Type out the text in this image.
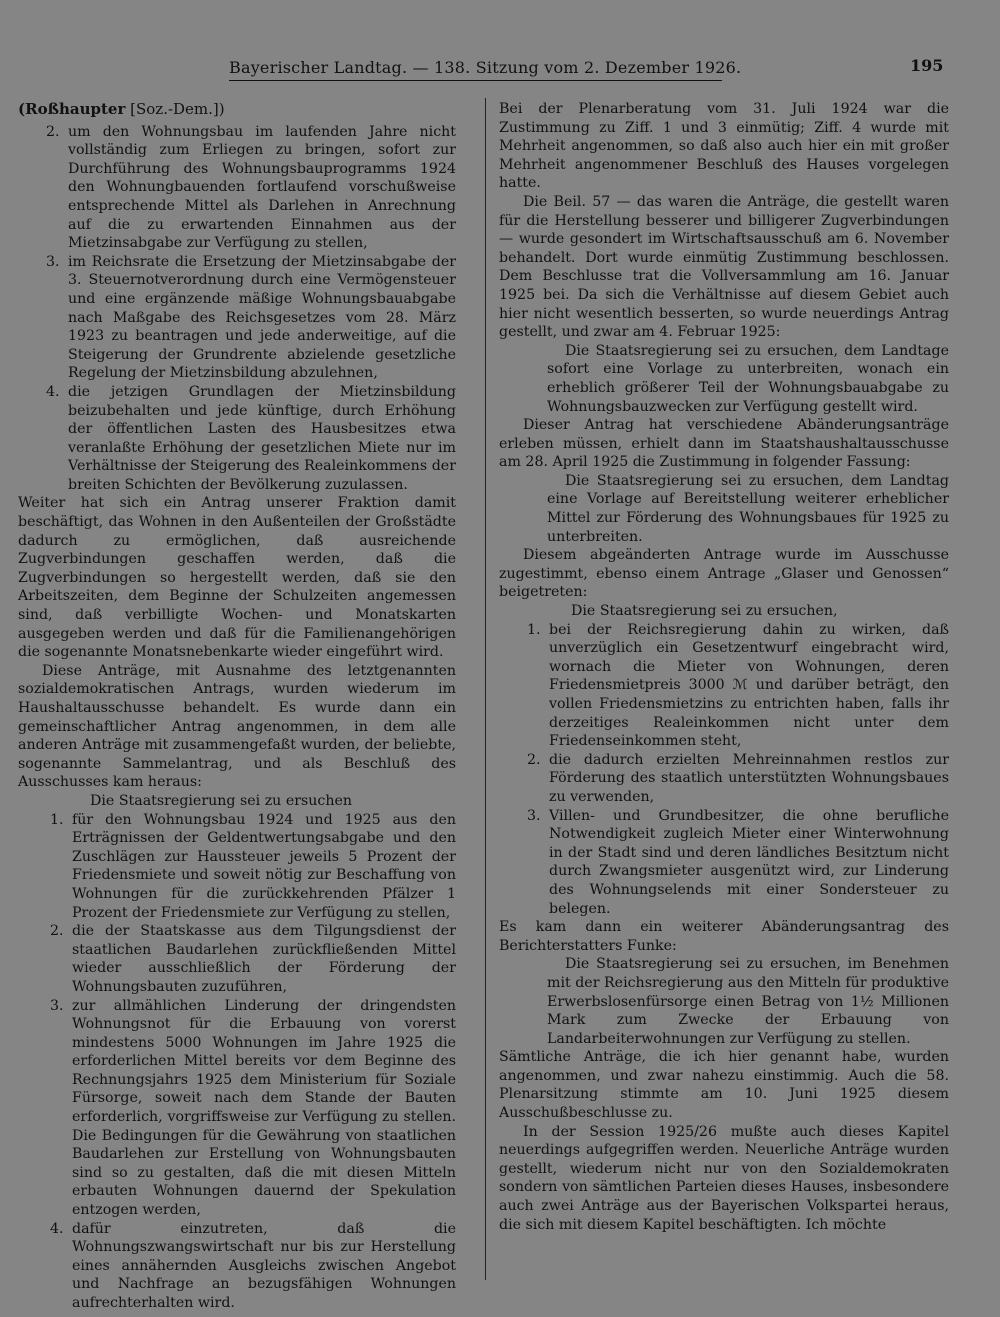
Bayerischer Landtag. — 138. Sitzung vom 2. Dezember 1926.	195

(Roßhaupter [Soz.-Dem.])

2. um den Wohnungsbau im laufenden Jahre nicht vollständig zum Erliegen zu bringen, sofort zur Durchführung des Wohnungsbauprogramms 1924 den Wohnungbauenden fortlaufend vorschußweise entsprechende Mittel als Darlehen in Anrechnung auf die zu erwartenden Einnahmen aus der Mietzinsabgabe zur Verfügung zu stellen,
3. im Reichsrate die Ersetzung der Mietzinsabgabe der 3. Steuernotverordnung durch eine Vermögensteuer und eine ergänzende mäßige Wohnungsbauabgabe nach Maßgabe des Reichsgesetzes vom 28. März 1923 zu beantragen und jede anderweitige, auf die Steigerung der Grundrente abzielende gesetzliche Regelung der Mietzinsbildung abzulehnen,
4. die jetzigen Grundlagen der Mietzinsbildung beizubehalten und jede künftige, durch Erhöhung der öffentlichen Lasten des Hausbesitzes etwa veranlaßte Erhöhung der gesetzlichen Miete nur im Verhältnisse der Steigerung des Realeinkommens der breiten Schichten der Bevölkerung zuzulassen.

Weiter hat sich ein Antrag unserer Fraktion damit beschäftigt, das Wohnen in den Außenteilen der Großstädte dadurch zu ermöglichen, daß ausreichende Zugverbindungen geschaffen werden, daß die Zugverbindungen so hergestellt werden, daß sie den Arbeitszeiten, dem Beginne der Schulzeiten angemessen sind, daß verbilligte Wochen- und Monatskarten ausgegeben werden und daß für die Familienangehörigen die sogenannte Monatsnebenkarte wieder eingeführt wird.

Diese Anträge, mit Ausnahme des letztgenannten sozialdemokratischen Antrags, wurden wiederum im Haushaltausschusse behandelt. Es wurde dann ein gemeinschaftlicher Antrag angenommen, in dem alle anderen Anträge mit zusammengefaßt wurden, der beliebte, sogenannte Sammelantrag, und als Beschluß des Ausschusses kam heraus:

Die Staatsregierung sei zu ersuchen

1. für den Wohnungsbau 1924 und 1925 aus den Erträgnissen der Geldentwertungsabgabe und den Zuschlägen zur Haussteuer jeweils 5 Prozent der Friedensmiete und soweit nötig zur Beschaffung von Wohnungen für die zurückkehrenden Pfälzer 1 Prozent der Friedensmiete zur Verfügung zu stellen,
2. die der Staatskasse aus dem Tilgungsdienst der staatlichen Baudarlehen zurückfließenden Mittel wieder ausschließlich der Förderung der Wohnungsbauten zuzuführen,
3. zur allmählichen Linderung der dringendsten Wohnungsnot für die Erbauung von vorerst mindestens 5000 Wohnungen im Jahre 1925 die erforderlichen Mittel bereits vor dem Beginne des Rechnungsjahrs 1925 dem Ministerium für Soziale Fürsorge, soweit nach dem Stande der Bauten erforderlich, vorgriffsweise zur Verfügung zu stellen. Die Bedingungen für die Gewährung von staatlichen Baudarlehen zur Erstellung von Wohnungsbauten sind so zu gestalten, daß die mit diesen Mitteln erbauten Wohnungen dauernd der Spekulation entzogen werden,
4. dafür einzutreten, daß die Wohnungszwangswirtschaft nur bis zur Herstellung eines annähernden Ausgleichs zwischen Angebot und Nachfrage an bezugsfähigen Wohnungen aufrechterhalten wird.

Bei der Plenarberatung vom 31. Juli 1924 war die Zustimmung zu Ziff. 1 und 3 einmütig; Ziff. 4 wurde mit Mehrheit angenommen, so daß also auch hier ein mit großer Mehrheit angenommener Beschluß des Hauses vorgelegen hatte.

Die Beil. 57 — das waren die Anträge, die gestellt waren für die Herstellung besserer und billigerer Zugverbindungen — wurde gesondert im Wirtschaftsausschuß am 6. November behandelt. Dort wurde einmütig Zustimmung beschlossen. Dem Beschlusse trat die Vollversammlung am 16. Januar 1925 bei. Da sich die Verhältnisse auf diesem Gebiet auch hier nicht wesentlich besserten, so wurde neuerdings Antrag gestellt, und zwar am 4. Februar 1925:

Die Staatsregierung sei zu ersuchen, dem Landtage sofort eine Vorlage zu unterbreiten, wonach ein erheblich größerer Teil der Wohnungsbauabgabe zu Wohnungsbauzwecken zur Verfügung gestellt wird.

Dieser Antrag hat verschiedene Abänderungsanträge erleben müssen, erhielt dann im Staatshaushaltausschusse am 28. April 1925 die Zustimmung in folgender Fassung:

Die Staatsregierung sei zu ersuchen, dem Landtag eine Vorlage auf Bereitstellung weiterer erheblicher Mittel zur Förderung des Wohnungsbaues für 1925 zu unterbreiten.

Diesem abgeänderten Antrage wurde im Ausschusse zugestimmt, ebenso einem Antrage „Glaser und Genossen“ beigetreten:

Die Staatsregierung sei zu ersuchen,

1. bei der Reichsregierung dahin zu wirken, daß unverzüglich ein Gesetzentwurf eingebracht wird, wornach die Mieter von Wohnungen, deren Friedensmietpreis 3000 ℳ und darüber beträgt, den vollen Friedensmietzins zu entrichten haben, falls ihr derzeitiges Realeinkommen nicht unter dem Friedenseinkommen steht,
2. die dadurch erzielten Mehreinnahmen restlos zur Förderung des staatlich unterstützten Wohnungsbaues zu verwenden,
3. Villen- und Grundbesitzer, die ohne berufliche Notwendigkeit zugleich Mieter einer Winterwohnung in der Stadt sind und deren ländliches Besitztum nicht durch Zwangsmieter ausgenützt wird, zur Linderung des Wohnungselends mit einer Sondersteuer zu belegen.

Es kam dann ein weiterer Abänderungsantrag des Berichterstatters Funke:

Die Staatsregierung sei zu ersuchen, im Benehmen mit der Reichsregierung aus den Mitteln für produktive Erwerbslosenfürsorge einen Betrag von 1½ Millionen Mark zum Zwecke der Erbauung von Landarbeiterwohnungen zur Verfügung zu stellen.

Sämtliche Anträge, die ich hier genannt habe, wurden angenommen, und zwar nahezu einstimmig. Auch die 58. Plenarsitzung stimmte am 10. Juni 1925 diesem Ausschußbeschlusse zu.

In der Session 1925/26 mußte auch dieses Kapitel neuerdings aufgegriffen werden. Neuerliche Anträge wurden gestellt, wiederum nicht nur von den Sozialdemokraten sondern von sämtlichen Parteien dieses Hauses, insbesondere auch zwei Anträge aus der Bayerischen Volkspartei heraus, die sich mit diesem Kapitel beschäftigten. Ich möchte
